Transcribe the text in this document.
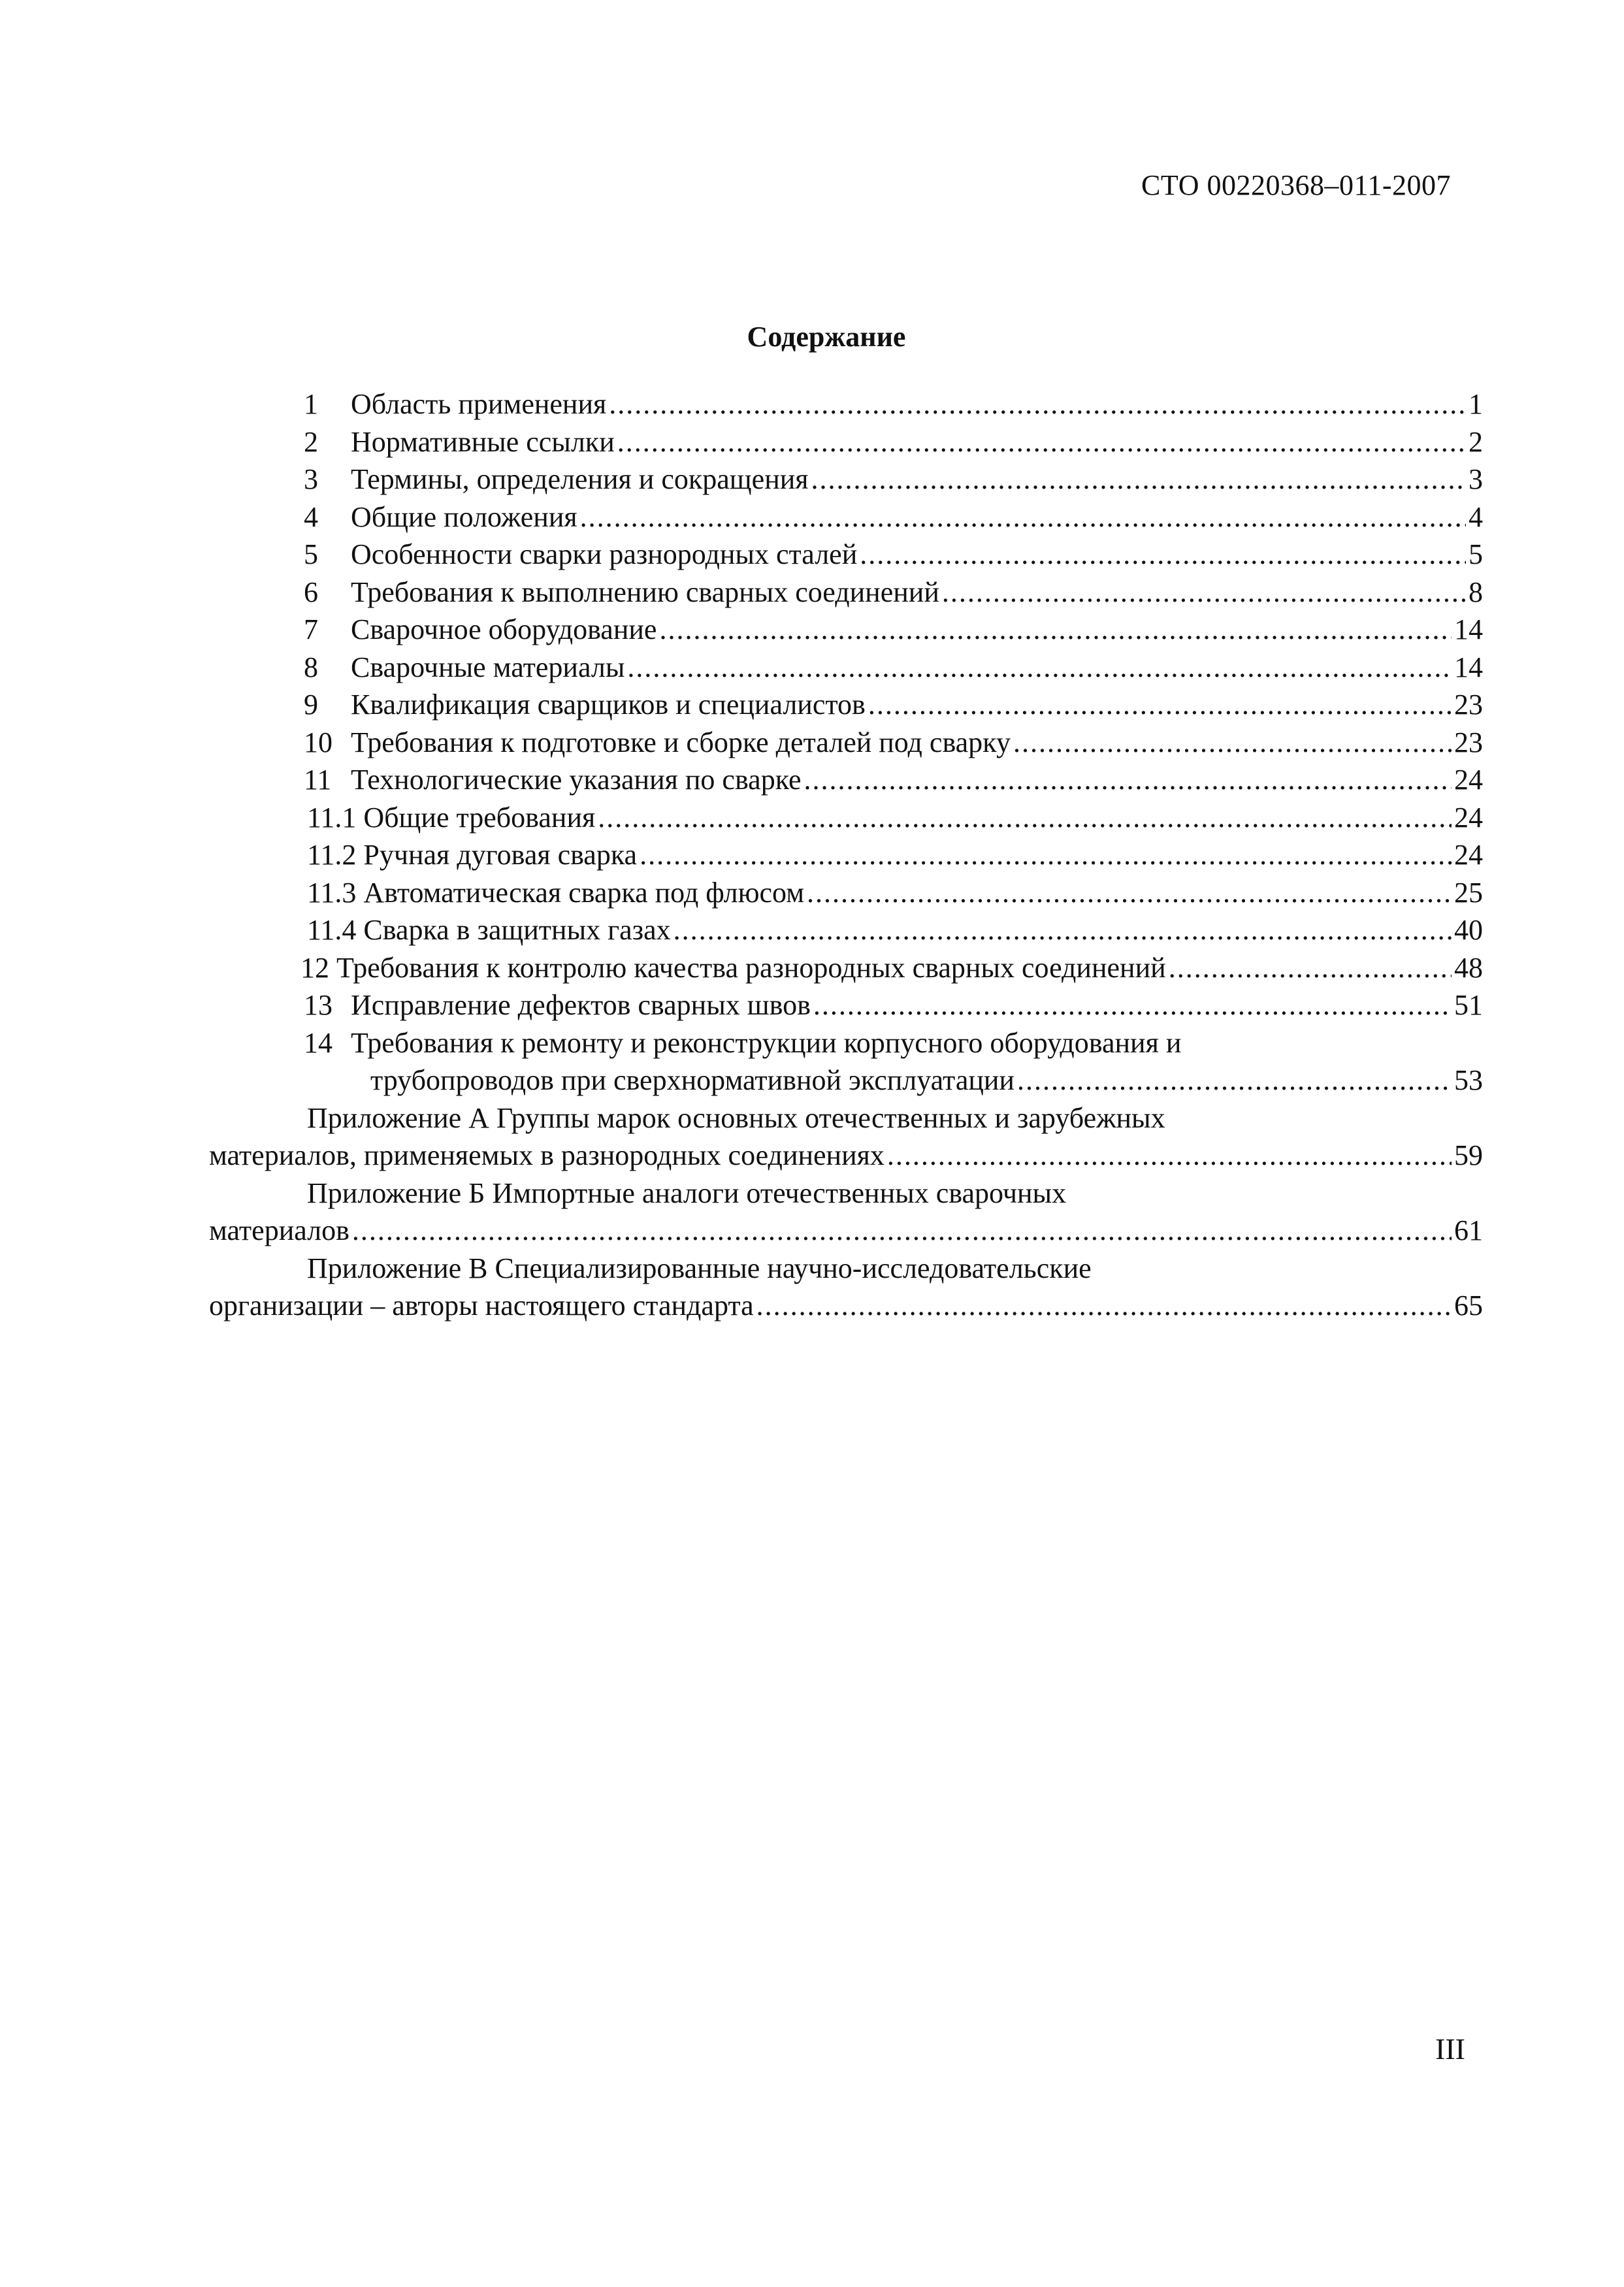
СТО 00220368–011-2007
Содержание
1	Область применения .....	1
2	Нормативные ссылки .....	2
3	Термины, определения и сокращения .....	3
4	Общие положения .....	4
5	Особенности сварки разнородных сталей .....	5
6	Требования к выполнению сварных соединений .....	8
7	Сварочное оборудование .....	14
8	Сварочные материалы .....	14
9	Квалификация сварщиков и специалистов .....	23
10 Требования к подготовке и сборке деталей под сварку .....	23
11 Технологические указания по сварке .....	24
11.1 Общие требования .....	24
11.2 Ручная дуговая сварка .....	24
11.3 Автоматическая сварка под флюсом .....	25
11.4 Сварка в защитных газах .....	40
12 Требования к контролю качества разнородных сварных соединений .....	48
13 Исправление дефектов сварных швов .....	51
14 Требования к ремонту и реконструкции корпусного оборудования и
трубопроводов при сверхнормативной эксплуатации .....	53
Приложение А Группы марок основных отечественных и зарубежных
материалов, применяемых в разнородных соединениях .....	59
Приложение Б Импортные аналоги отечественных сварочных
материалов .....	61
Приложение В Специализированные научно-исследовательские
организации – авторы настоящего стандарта .....	65
III
